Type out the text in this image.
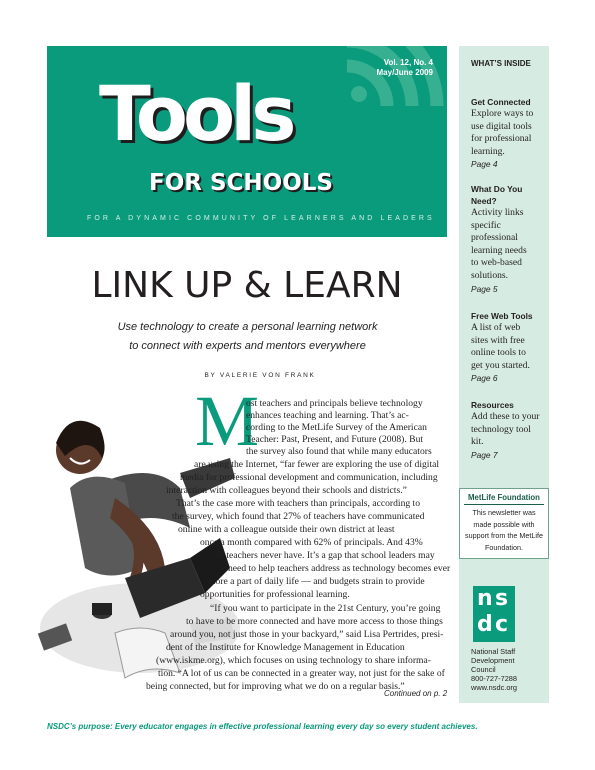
Vol. 12, No. 4
May/June 2009
Tools
FOR SCHOOLS
FOR A DYNAMIC COMMUNITY OF LEARNERS AND LEADERS
LINK UP & LEARN
Use technology to create a personal learning network
to connect with experts and mentors everywhere
BY VALERIE VON FRANK
M
ost teachers and principals believe technology
enhances teaching and learning. That’s ac-
cording to the MetLife Survey of the American
Teacher: Past, Present, and Future (2008). But
the survey also found that while many educators
are using the Internet, “far fewer are exploring the use of digital
media for professional development and communication, including
interaction with colleagues beyond their schools and districts.”
That’s the case more with teachers than principals, according to
the survey, which found that 27% of teachers have communicated
online with a colleague outside their own district at least
once a month compared with 62% of principals. And 43%
of teachers never have. It’s a gap that school leaders may
need to help teachers address as technology becomes ever
more a part of daily life — and budgets strain to provide
opportunities for professional learning.
“If you want to participate in the 21st Century, you’re going
to have to be more connected and have more access to those things
around you, not just those in your backyard,” said Lisa Pertrides, presi-
dent of the Institute for Knowledge Management in Education
(www.iskme.org), which focuses on using technology to share informa-
tion. “A lot of us can be connected in a greater way, not just for the sake of
being connected, but for improving what we do on a regular basis.”
Continued on p. 2
WHAT’S INSIDE
Get Connected
Explore ways to use digital tools for professional learning.
Page 4
What Do You Need?
Activity links specific professional learning needs to web-based solutions.
Page 5
Free Web Tools
A list of web sites with free online tools to get you started.
Page 6
Resources
Add these to your technology tool kit.
Page 7
MetLife Foundation
This newsletter was made possible with support from the MetLife Foundation.
n s
d c
National Staff
Development
Council
800-727-7288
www.nsdc.org
NSDC’s purpose: Every educator engages in effective professional learning every day so every student achieves.
